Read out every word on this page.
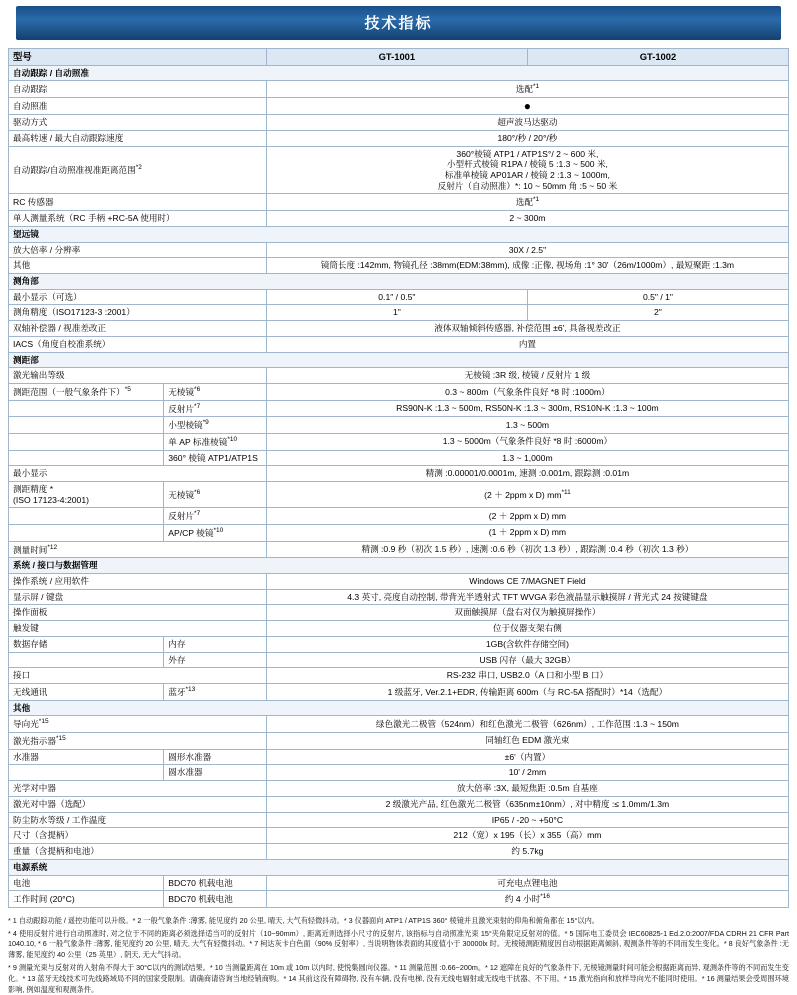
技术指标
型号		GT-1001	GT-1002
自动跟踪 / 自动照准			
自动跟踪		选配$^{*1}$
自动照准		●	
驱动方式		超声波马达驱动	
最高转速 / 最大自动跟踪速度		180°/秒 / 20°/秒	
自动跟踪/自动照准视准距离范围$^{*2}$		360°棱镜 ATP1 / ATP1S°/ 2 ~ 600 米,
小型杆式棱镜 R1PA / 棱镜 5 :1.3 ~ 500 米,
标准单棱镜 AP01AR / 棱镜 2 :1.3 ~ 1000m,
反射片（自动照准）*: 10 ~ 50mm 角 :5 ~ 50 米	
RC 传感器		选配$^{*1}$
单人测量系统（RC 手柄 +RC-5A 使用时）		2 ~ 300m	
望远镜			
放大倍率 / 分辨率		30X / 2.5"	
其他		镜筒长度 :142mm, 物镜孔径 :38mm(EDM:38mm), 成像 :正像, 视场角 :1° 30'（26m/1000m）, 最短聚距 :1.3m	
测角部			
最小显示（可选）		0.1" / 0.5"	0.5" / 1"
测角精度（ISO17123-3 :2001）		1"	2"
双轴补偿器 / 视准差改正		液体双轴倾斜传感器, 补偿范围 ±6', 具备视差改正	
IACS（角度自校准系统）		内置	
测距部			
激光输出等级		无棱镜 :3R 级, 棱镜 / 反射片 1 级	
测距范围（一般气象条件下）$^{*5}$	无棱镜$^{*6}$	0.3 ~ 800m（气象条件良好 *8 时 :1000m）	
	反射片$^{*7}$	RS90N-K :1.3 ~ 500m, RS50N-K :1.3 ~ 300m, RS10N-K :1.3 ~ 100m	
	小型棱镜$^{*9}$	1.3 ~ 500m	
	单 AP 标准棱镜$^{*10}$	1.3 ~ 5000m（气象条件良好 *8 时 :6000m）	
	360° 棱镜 ATP1/ATP1S	1.3 ~ 1,000m	
最小显示		精测 :0.00001/0.0001m, 速测 :0.001m, 跟踪测 :0.01m	
测距精度 *
(ISO 17123-4:2001)	无棱镜$^{*6}$	(2 ＋ 2ppm x D) $mm^{*11}$
	反射片$^{*7}$	(2 ＋ 2ppm x D) mm	
	AP/CP 棱镜$^{*10}$	(1 ＋ 2ppm x D) mm	
测量时间$^{*12}$		精测 :0.9 秒（初次 1.5 秒）, 速测 :0.6 秒（初次 1.3 秒）, 跟踪测 :0.4 秒（初次 1.3 秒）	
系统 / 接口与数据管理			
操作系统 / 应用软件		Windows CE 7/MAGNET Field	
显示屏 / 键盘		4.3 英寸, 亮度自动控制, 带背光半透射式 TFT WVGA 彩色液晶显示触摸屏 / 背光式 24 按键键盘	
操作面板		双面触摸屏（盘右对仅为触摸屏操作）	
触发键		位于仪器支架右侧	
数据存储	内存	1GB(含软件存储空间)	
	外存	USB 闪存（最大 32GB）	
接口		RS-232 串口, USB2.0（A 口和小型 B 口）	
无线通讯	蓝牙$^{*13}$	1 级蓝牙, Ver.2.1+EDR, 传输距离 600m（与 RC-5A 搭配时）*14（选配）	
其他			
导向光$^{*15}$		绿色激光二极管（524nm）和红色激光二极管（626nm）, 工作范围 :1.3 ~ 150m	
激光指示器$^{*15}$		同轴红色 EDM 激光束	
水准器	圆形水准器	±6'（内置）	
	圆水准器	10' / 2mm	
光学对中器		放大倍率 :3X, 最短焦距 :0.5m 自基座	
激光对中器（选配）		2 级激光产品, 红色激光二极管（635nm±10nm）, 对中精度 :≤ 1.0mm/1.3m	
防尘防水等级 / 工作温度		IP65 / -20 ~ +50°C	
尺寸（含提柄）		212（宽）x 195（长）x 355（高）mm	
重量（含提柄和电池）		约 5.7kg	
电源系统			
电池	BDC70 机载电池	可充电点锂电池	
工作时间 (20°C)	BDC70 机载电池	约 4 小时$^{*16}$

* 1 自动跟踪功能 / 遥控功能可以升级。* 2 一般气象条件 :薄雾, 能见度约 20 公里, 晴天, 大气有轻微抖动。* 3 仪器面向 ATP1 / ATP1S 360° 棱镜并且激光束射的仰角和俯角都在 15°以内。

* 4 使用反射片进行自动照准时, 对之位于不同的距离必须选择适当可的反射片（10~90mm）, 距离近则选择小尺寸的反射片, 该指标与自动照准光束 15°夹角限定反射对的值。* 5 国际电工委员会 IEC60825-1 Ed.2.0:2007/FDA CDRH 21 CFR Part 1040.10, * 6 一般气象条件 :薄雾, 能见度约 20 公里, 晴天, 大气有轻微抖动。* 7 柯达灰卡白色面（90% 反射率）, 当说明物体表面的其度值小于 30000lx 时。无棱镜测距精度因自动根据距离倾斜, 观测条件等的不同而发生变化。* 8 良好气象条件 :无薄雾, 能见度约 40 公里（25 英里）, 阴天, 无大气抖动。

* 9 测量光束与反射对的入射角不得大于 30°C以内的测试结果。* 10 当测量距离在 10m 或 10m 以内时, 使悦集圆向仪器。* 11 测量范围 :0.66~200m。* 12 遮障在良好的气象条件下, 无棱镜测量时间可能会根据距离而异, 观测条件等的不同而发生变化。* 13 蓝牙无线技术可先线路域局不同的国家受限制。请确商请咨询当地经销商购。* 14 其前这没有障碍物, 没有车辆, 没有电梯, 没有无线电辐射或无线电干扰器、不下用。* 15 激光指向和放样导向光不能同时使用。* 16 测量结果会受周围环境影响, 例如温度和观测条件。
